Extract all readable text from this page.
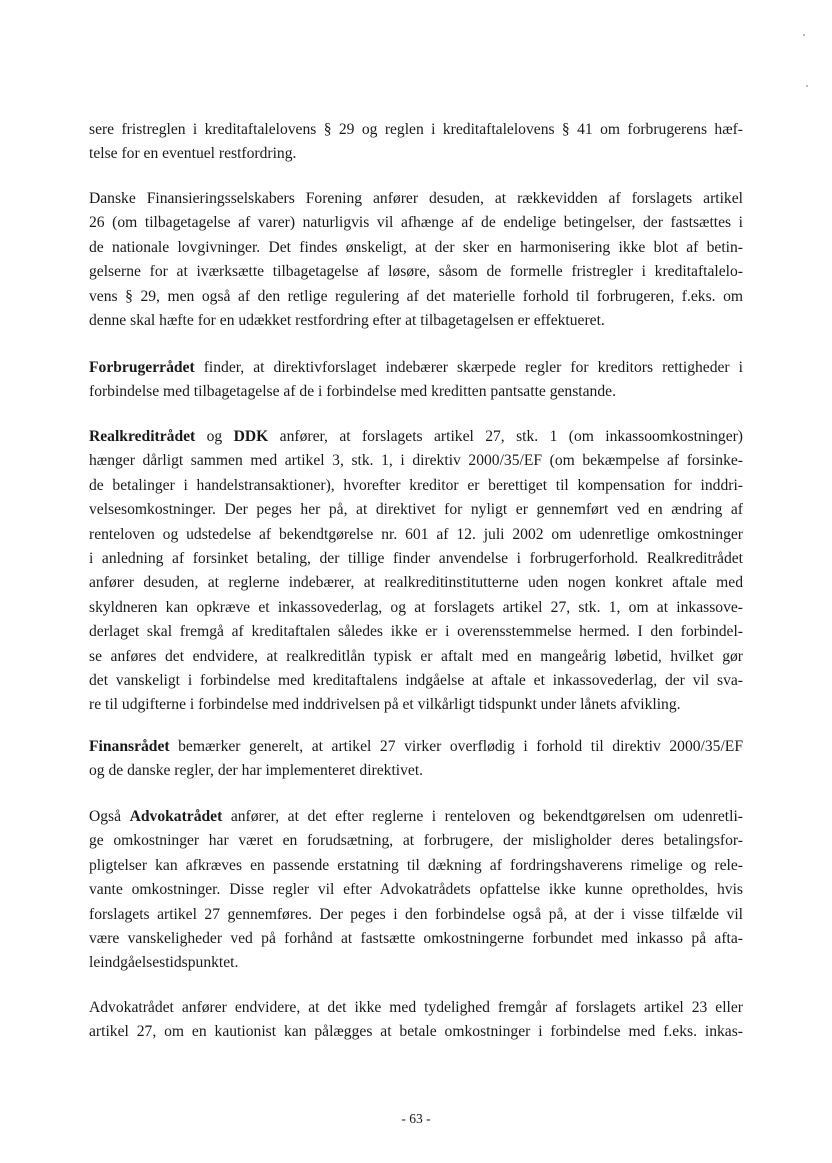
sere fristreglen i kreditaftalelovens § 29 og reglen i kreditaftalelovens § 41 om forbrugerens hæf-
telse for en eventuel restfordring.

Danske Finansieringsselskabers Forening anfører desuden, at rækkevidden af forslagets artikel
26 (om tilbagetagelse af varer) naturligvis vil afhænge af de endelige betingelser, der fastsættes i
de nationale lovgivninger. Det findes ønskeligt, at der sker en harmonisering ikke blot af betin-
gelserne for at iværksætte tilbagetagelse af løsøre, såsom de formelle fristregler i kreditaftalelo-
vens § 29, men også af den retlige regulering af det materielle forhold til forbrugeren, f.eks. om
denne skal hæfte for en udækket restfordring efter at tilbagetagelsen er effektueret.

Forbrugerrådet finder, at direktivforslaget indebærer skærpede regler for kreditors rettigheder i
forbindelse med tilbagetagelse af de i forbindelse med kreditten pantsatte genstande.

Realkreditrådet og DDK anfører, at forslagets artikel 27, stk. 1 (om inkassoomkostninger)
hænger dårligt sammen med artikel 3, stk. 1, i direktiv 2000/35/EF (om bekæmpelse af forsinke-
de betalinger i handelstransaktioner), hvorefter kreditor er berettiget til kompensation for inddri-
velsesomkostninger. Der peges her på, at direktivet for nyligt er gennemført ved en ændring af
renteloven og udstedelse af bekendtgørelse nr. 601 af 12. juli 2002 om udenretlige omkostninger
i anledning af forsinket betaling, der tillige finder anvendelse i forbrugerforhold. Realkreditrådet
anfører desuden, at reglerne indebærer, at realkreditinstitutterne uden nogen konkret aftale med
skyldneren kan opkræve et inkassovederlag, og at forslagets artikel 27, stk. 1, om at inkassove-
derlaget skal fremgå af kreditaftalen således ikke er i overensstemmelse hermed. I den forbindel-
se anføres det endvidere, at realkreditlån typisk er aftalt med en mangeårig løbetid, hvilket gør
det vanskeligt i forbindelse med kreditaftalens indgåelse at aftale et inkassovederlag, der vil sva-
re til udgifterne i forbindelse med inddrivelsen på et vilkårligt tidspunkt under lånets afvikling.

Finansrådet bemærker generelt, at artikel 27 virker overflødig i forhold til direktiv 2000/35/EF
og de danske regler, der har implementeret direktivet.

Også Advokatrådet anfører, at det efter reglerne i renteloven og bekendtgørelsen om udenretli-
ge omkostninger har været en forudsætning, at forbrugere, der misligholder deres betalingsfor-
pligtelser kan afkræves en passende erstatning til dækning af fordringshaverens rimelige og rele-
vante omkostninger. Disse regler vil efter Advokatrådets opfattelse ikke kunne opretholdes, hvis
forslagets artikel 27 gennemføres. Der peges i den forbindelse også på, at der i visse tilfælde vil
være vanskeligheder ved på forhånd at fastsætte omkostningerne forbundet med inkasso på afta-
leindgåelsestidspunktet.

Advokatrådet anfører endvidere, at det ikke med tydelighed fremgår af forslagets artikel 23 eller
artikel 27, om en kautionist kan pålægges at betale omkostninger i forbindelse med f.eks. inkas-

- 63 -
